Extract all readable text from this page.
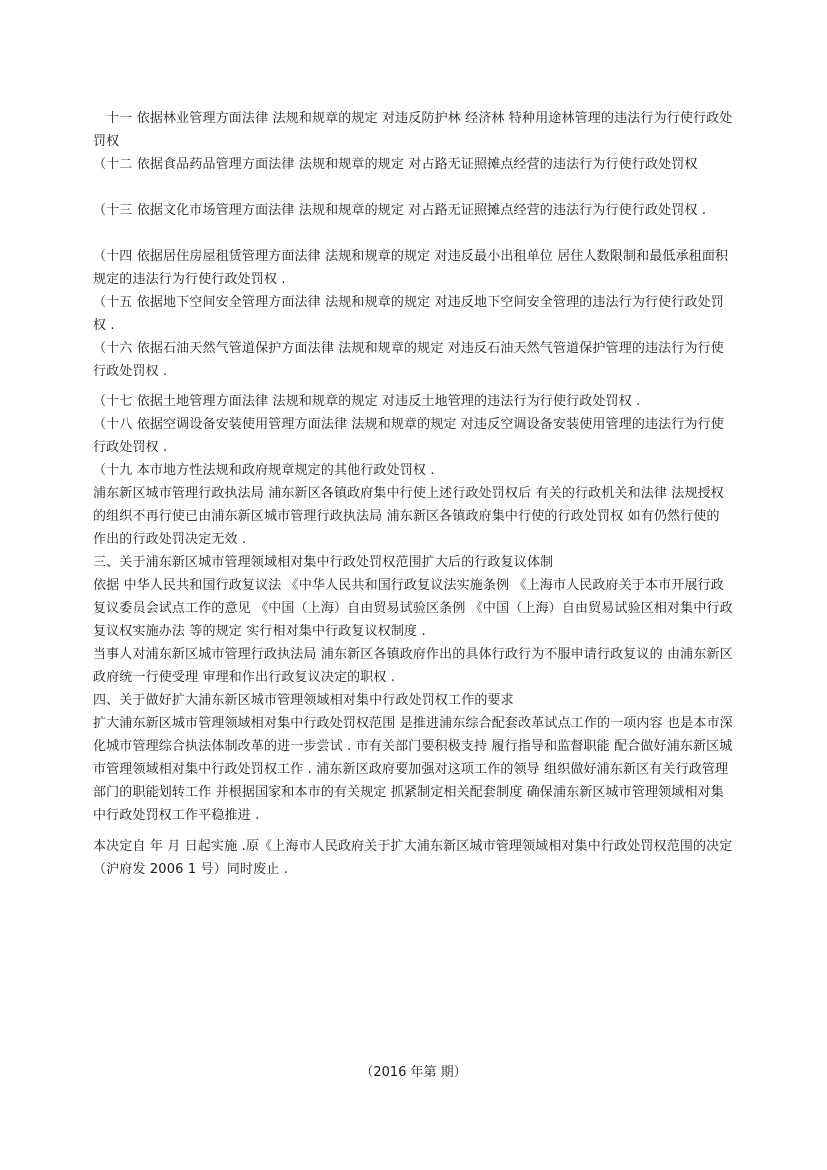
　十一 依据林业管理方面法律 法规和规章的规定 对违反防护林 经济林 特种用途林管理的违法行为行使行政处罚权

（十二 依据食品药品管理方面法律 法规和规章的规定 对占路无证照摊点经营的违法行为行使行政处罚权

（十三 依据文化市场管理方面法律 法规和规章的规定 对占路无证照摊点经营的违法行为行使行政处罚权 .

（十四 依据居住房屋租赁管理方面法律 法规和规章的规定 对违反最小出租单位 居住人数限制和最低承租面积规定的违法行为行使行政处罚权 .

（十五 依据地下空间安全管理方面法律 法规和规章的规定 对违反地下空间安全管理的违法行为行使行政处罚权 .

（十六 依据石油天然气管道保护方面法律 法规和规章的规定 对违反石油天然气管道保护管理的违法行为行使行政处罚权 .

（十七 依据土地管理方面法律 法规和规章的规定 对违反土地管理的违法行为行使行政处罚权 .

（十八 依据空调设备安装使用管理方面法律 法规和规章的规定 对违反空调设备安装使用管理的违法行为行使行政处罚权 .

（十九 本市地方性法规和政府规章规定的其他行政处罚权 .

浦东新区城市管理行政执法局 浦东新区各镇政府集中行使上述行政处罚权后 有关的行政机关和法律 法规授权的组织不再行使已由浦东新区城市管理行政执法局 浦东新区各镇政府集中行使的行政处罚权 如有仍然行使的 作出的行政处罚决定无效 .

三、关于浦东新区城市管理领域相对集中行政处罚权范围扩大后的行政复议体制

依据 中华人民共和国行政复议法 《中华人民共和国行政复议法实施条例 《上海市人民政府关于本市开展行政复议委员会试点工作的意见 《中国（上海）自由贸易试验区条例 《中国（上海）自由贸易试验区相对集中行政复议权实施办法 等的规定 实行相对集中行政复议权制度 .

当事人对浦东新区城市管理行政执法局 浦东新区各镇政府作出的具体行政行为不服申请行政复议的 由浦东新区政府统一行使受理 审理和作出行政复议决定的职权 .

四、关于做好扩大浦东新区城市管理领域相对集中行政处罚权工作的要求

扩大浦东新区城市管理领域相对集中行政处罚权范围 是推进浦东综合配套改革试点工作的一项内容 也是本市深化城市管理综合执法体制改革的进一步尝试 . 市有关部门要积极支持 履行指导和监督职能 配合做好浦东新区城市管理领域相对集中行政处罚权工作 . 浦东新区政府要加强对这项工作的领导 组织做好浦东新区有关行政管理部门的职能划转工作 并根据国家和本市的有关规定 抓紧制定相关配套制度 确保浦东新区城市管理领域相对集中行政处罚权工作平稳推进 .

本决定自 年 月 日起实施 .原《上海市人民政府关于扩大浦东新区城市管理领域相对集中行政处罚权范围的决定（沪府发 2006 1 号）同时废止 .

（2016 年第 期）
